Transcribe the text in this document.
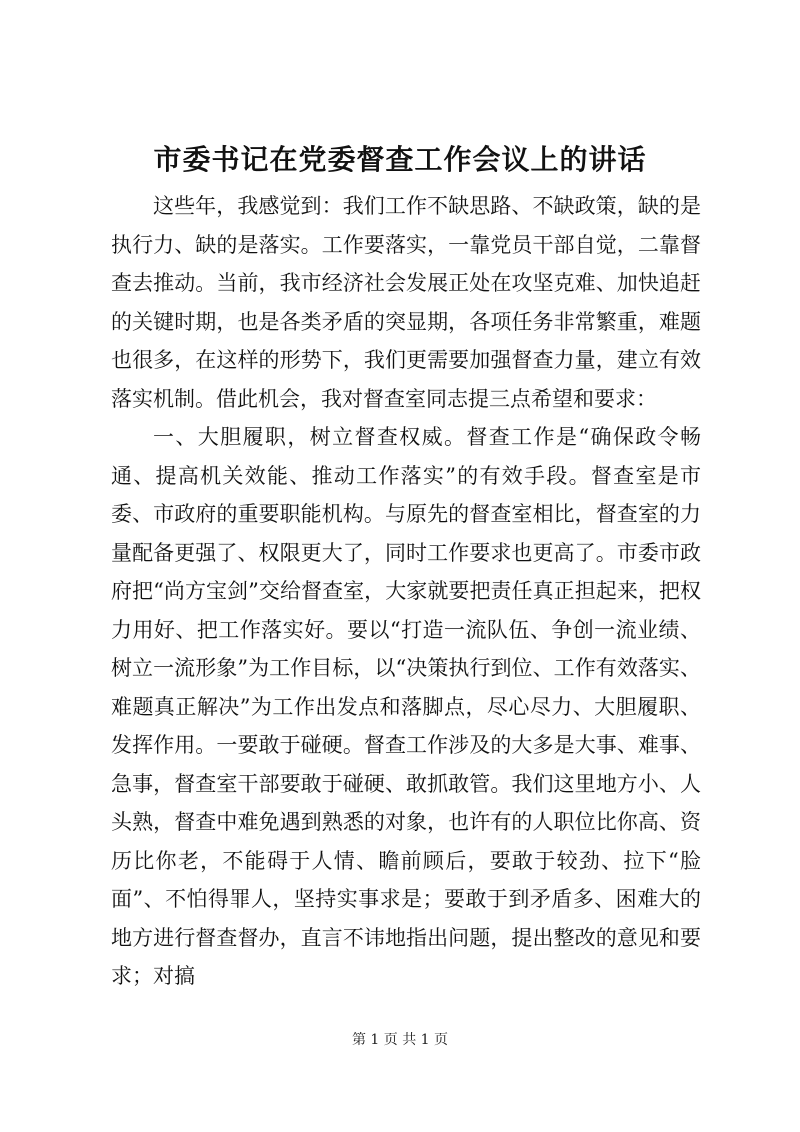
市委书记在党委督查工作会议上的讲话

这些年，我感觉到：我们工作不缺思路、不缺政策，缺的是执行力、缺的是落实。工作要落实，一靠党员干部自觉，二靠督查去推动。当前，我市经济社会发展正处在攻坚克难、加快追赶的关键时期，也是各类矛盾的突显期，各项任务非常繁重，难题也很多，在这样的形势下，我们更需要加强督查力量，建立有效落实机制。借此机会，我对督查室同志提三点希望和要求：

一、大胆履职，树立督查权威。督查工作是“确保政令畅通、提高机关效能、推动工作落实”的有效手段。督查室是市委、市政府的重要职能机构。与原先的督查室相比，督查室的力量配备更强了、权限更大了，同时工作要求也更高了。市委市政府把“尚方宝剑”交给督查室，大家就要把责任真正担起来，把权力用好、把工作落实好。要以“打造一流队伍、争创一流业绩、树立一流形象”为工作目标，以“决策执行到位、工作有效落实、难题真正解决”为工作出发点和落脚点，尽心尽力、大胆履职、发挥作用。一要敢于碰硬。督查工作涉及的大多是大事、难事、急事，督查室干部要敢于碰硬、敢抓敢管。我们这里地方小、人头熟，督查中难免遇到熟悉的对象，也许有的人职位比你高、资历比你老，不能碍于人情、瞻前顾后，要敢于较劲、拉下“脸面”、不怕得罪人，坚持实事求是；要敢于到矛盾多、困难大的地方进行督查督办，直言不讳地指出问题，提出整改的意见和要求；对搞

第 1 页 共 1 页
